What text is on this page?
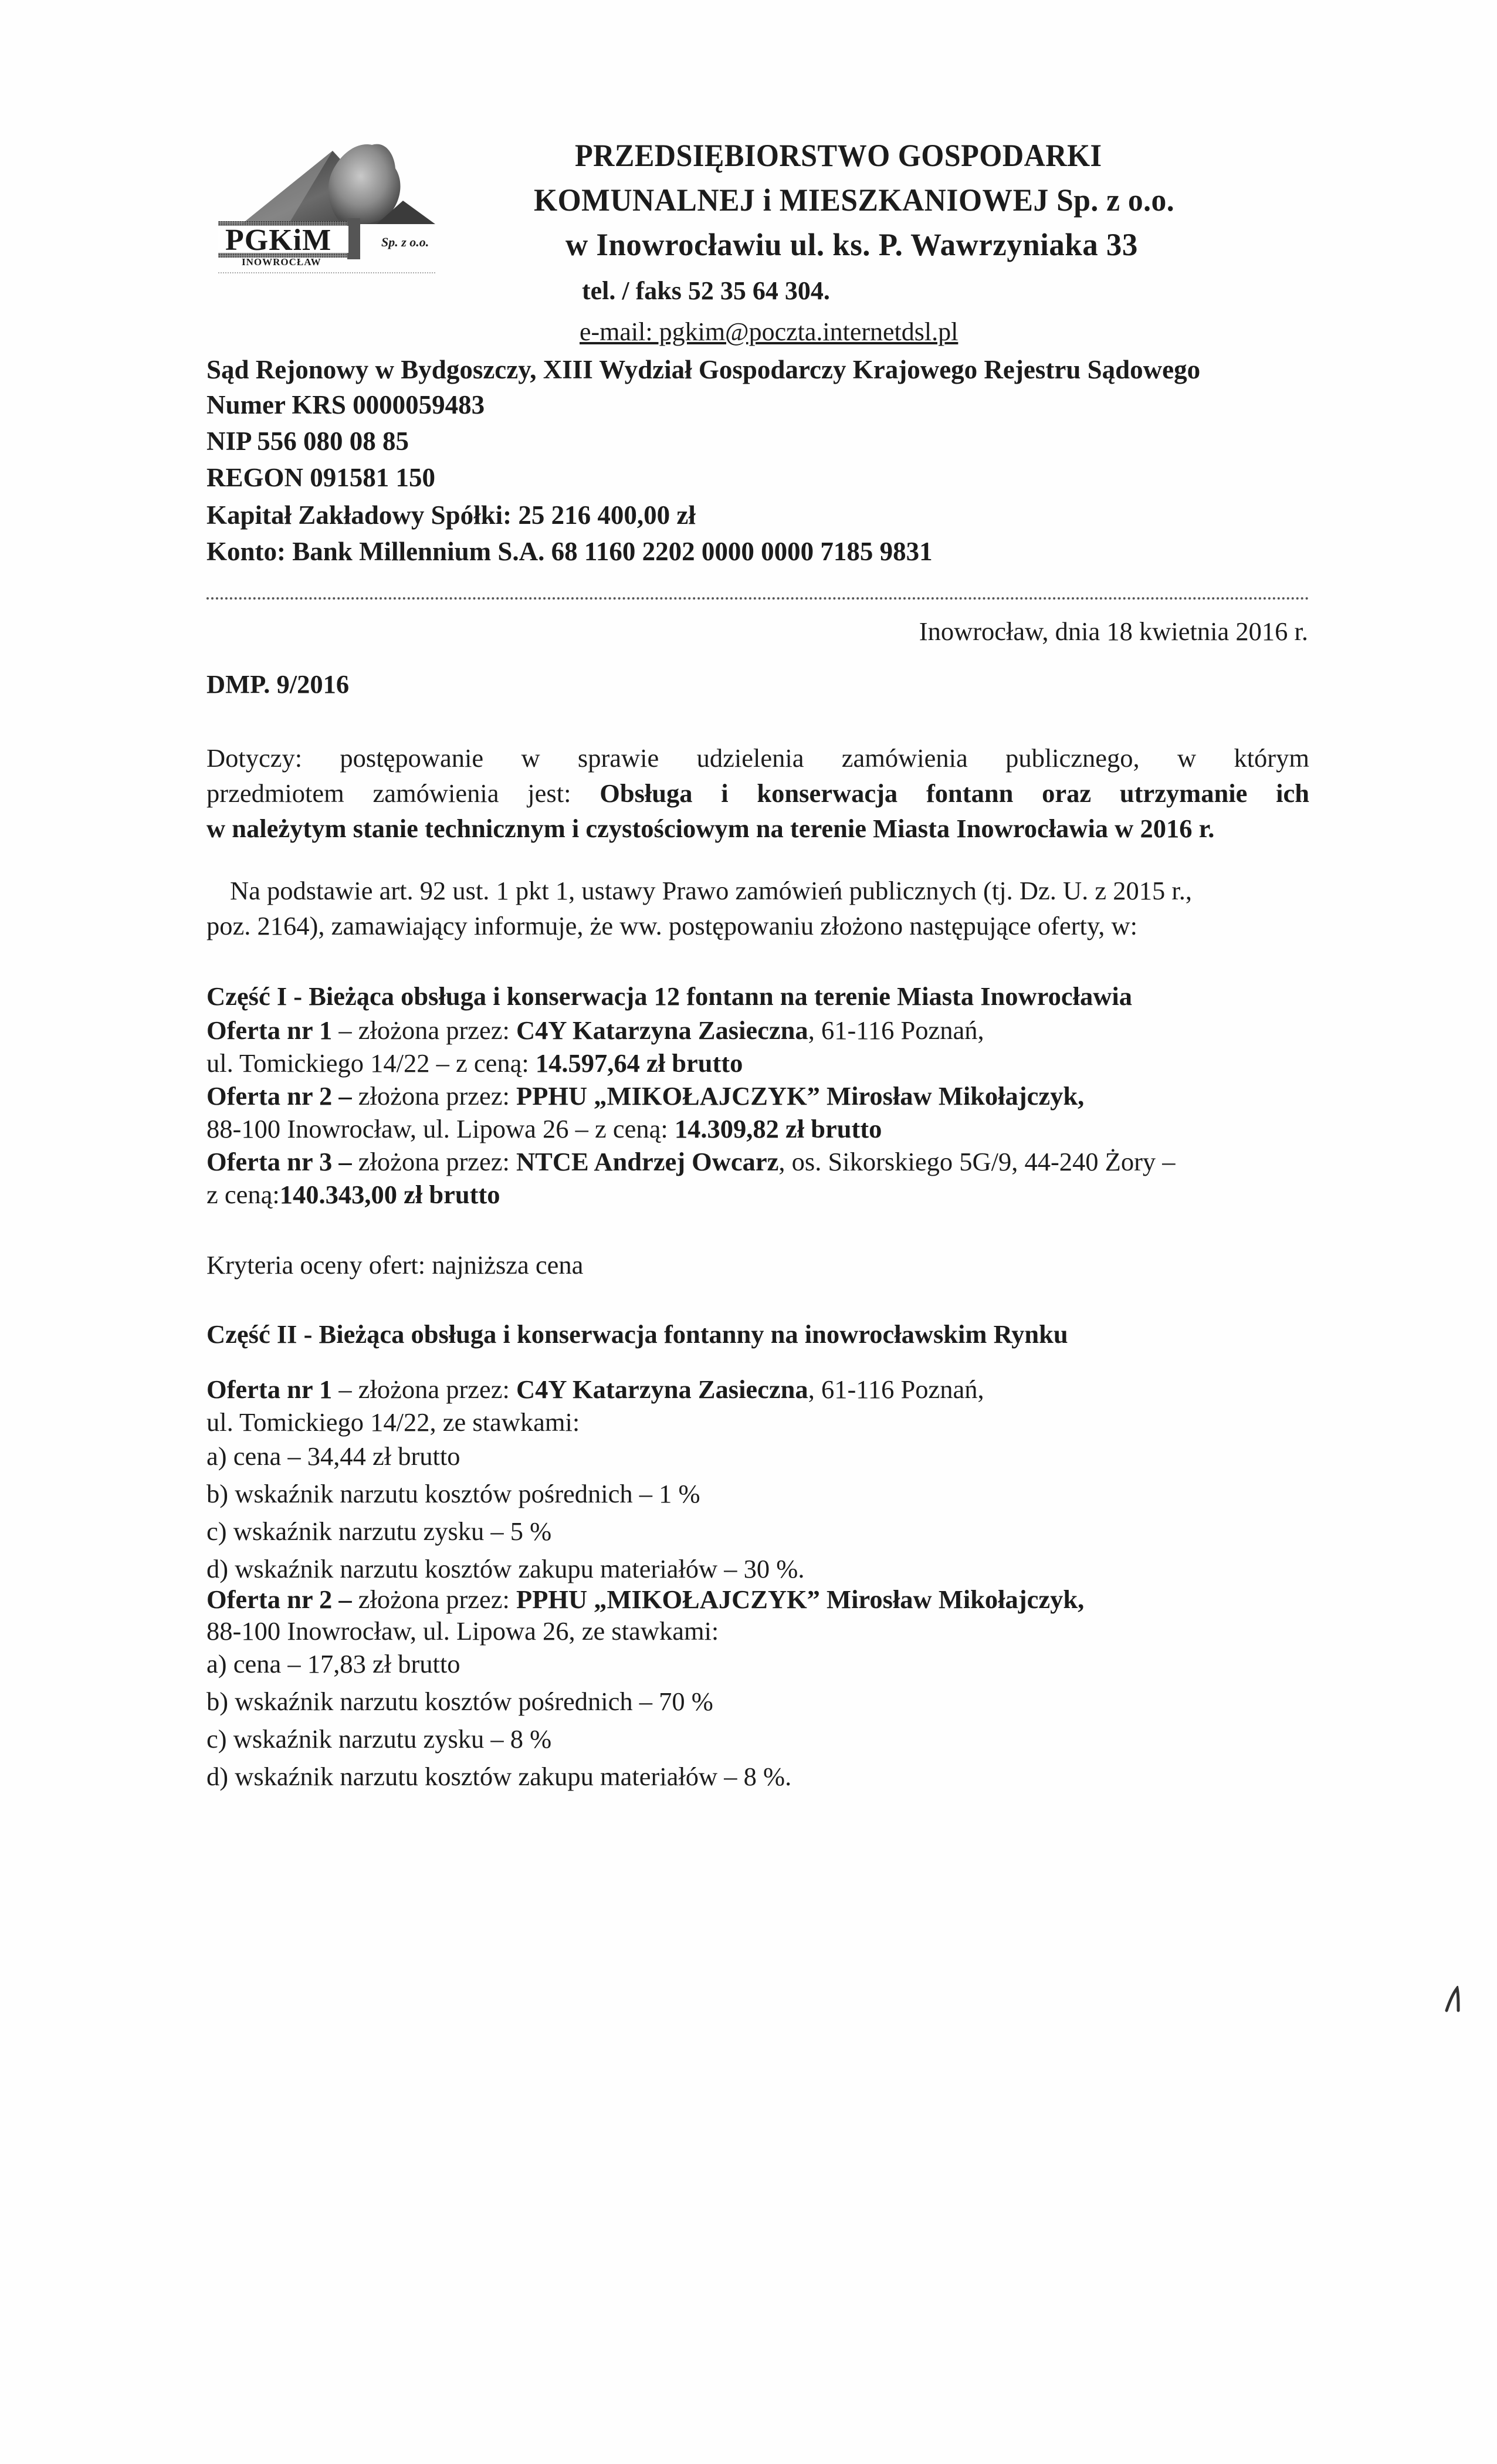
PGKiM
INOWROCŁAW
Sp. z o.o.
PRZEDSIĘBIORSTWO GOSPODARKI
KOMUNALNEJ i MIESZKANIOWEJ Sp. z o.o.
w Inowrocławiu ul. ks. P. Wawrzyniaka 33
tel. / faks 52 35 64 304.
e-mail: pgkim@poczta.internetdsl.pl
Sąd Rejonowy w Bydgoszczy, XIII Wydział Gospodarczy Krajowego Rejestru Sądowego
Numer KRS 0000059483
NIP 556 080 08 85
REGON 091581 150
Kapitał Zakładowy Spółki: 25 216 400,00 zł
Konto: Bank Millennium S.A. 68 1160 2202 0000 0000 7185 9831
Inowrocław, dnia 18 kwietnia 2016 r.
DMP. 9/2016
Dotyczy: postępowanie w sprawie udzielenia zamówienia publicznego, w którym
przedmiotem zamówienia jest: Obsługa i konserwacja fontann oraz utrzymanie ich
w należytym stanie technicznym i czystościowym na terenie Miasta Inowrocławia w 2016 r.
Na podstawie art. 92 ust. 1 pkt 1, ustawy Prawo zamówień publicznych (tj. Dz. U. z 2015 r.,
poz. 2164), zamawiający informuje, że ww. postępowaniu złożono następujące oferty, w:
Część I - Bieżąca obsługa i konserwacja 12 fontann na terenie Miasta Inowrocławia
Oferta nr 1 – złożona przez: C4Y Katarzyna Zasieczna, 61-116 Poznań,
ul. Tomickiego 14/22 – z ceną: 14.597,64 zł brutto
Oferta nr 2 – złożona przez: PPHU „MIKOŁAJCZYK” Mirosław Mikołajczyk,
88-100 Inowrocław, ul. Lipowa 26 – z ceną: 14.309,82 zł brutto
Oferta nr 3 – złożona przez: NTCE Andrzej Owcarz, os. Sikorskiego 5G/9, 44-240 Żory –
z ceną:140.343,00 zł brutto
Kryteria oceny ofert: najniższa cena
Część II - Bieżąca obsługa i konserwacja fontanny na inowrocławskim Rynku
Oferta nr 1 – złożona przez: C4Y Katarzyna Zasieczna, 61-116 Poznań,
ul. Tomickiego 14/22, ze stawkami:
a) cena – 34,44 zł brutto
b) wskaźnik narzutu kosztów pośrednich – 1 %
c) wskaźnik narzutu zysku – 5 %
d) wskaźnik narzutu kosztów zakupu materiałów – 30 %.
Oferta nr 2 – złożona przez: PPHU „MIKOŁAJCZYK” Mirosław Mikołajczyk,
88-100 Inowrocław, ul. Lipowa 26, ze stawkami:
a) cena – 17,83 zł brutto
b) wskaźnik narzutu kosztów pośrednich – 70 %
c) wskaźnik narzutu zysku – 8 %
d) wskaźnik narzutu kosztów zakupu materiałów – 8 %.
